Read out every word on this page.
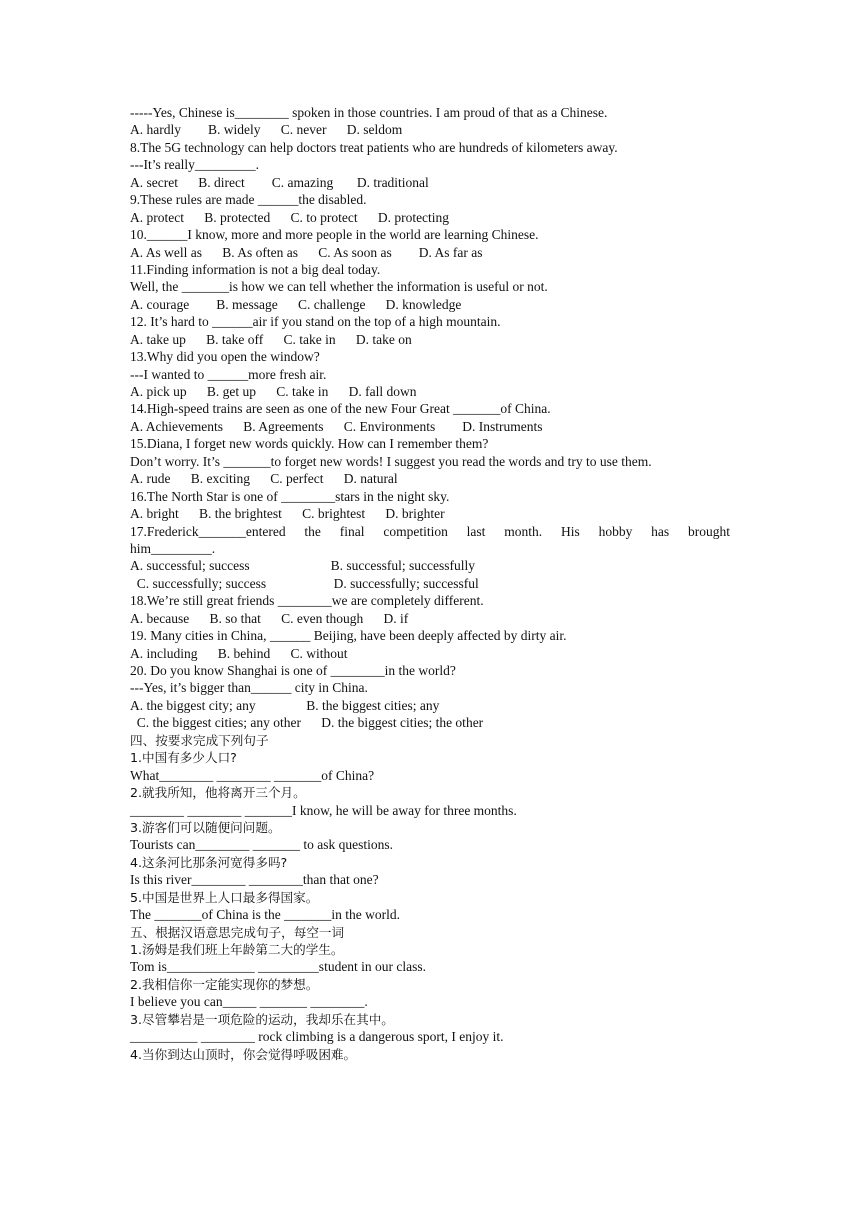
-----Yes, Chinese is________ spoken in those countries. I am proud of that as a Chinese.
A. hardly        B. widely      C. never      D. seldom
8.The 5G technology can help doctors treat patients who are hundreds of kilometers away.
---It’s really_________.
A. secret      B. direct        C. amazing       D. traditional
9.These rules are made ______the disabled.
A. protect      B. protected      C. to protect      D. protecting
10.______I know, more and more people in the world are learning Chinese.
A. As well as      B. As often as      C. As soon as        D. As far as
11.Finding information is not a big deal today.
Well, the _______is how we can tell whether the information is useful or not.
A. courage        B. message      C. challenge      D. knowledge
12. It’s hard to ______air if you stand on the top of a high mountain.
A. take up      B. take off      C. take in      D. take on
13.Why did you open the window?
---I wanted to ______more fresh air.
A. pick up      B. get up      C. take in      D. fall down
14.High-speed trains are seen as one of the new Four Great _______of China.
A. Achievements      B. Agreements      C. Environments        D. Instruments
15.Diana, I forget new words quickly. How can I remember them?
Don’t worry. It’s _______to forget new words! I suggest you read the words and try to use them.
A. rude      B. exciting      C. perfect      D. natural
16.The North Star is one of ________stars in the night sky.
A. bright      B. the brightest      C. brightest      D. brighter
17.Frederick_______entered the final competition last month. His hobby has brought
him_________.
A. successful; success                        B. successful; successfully
C. successfully; success                    D. successfully; successful
18.We’re still great friends ________we are completely different.
A. because      B. so that      C. even though      D. if
19. Many cities in China, ______ Beijing, have been deeply affected by dirty air.
A. including      B. behind      C. without
20. Do you know Shanghai is one of ________in the world?
---Yes, it’s bigger than______ city in China.
A. the biggest city; any               B. the biggest cities; any
C. the biggest cities; any other      D. the biggest cities; the other
四、按要求完成下列句子
1.中国有多少人口?
What________ ________ _______of China?
2.就我所知，他将离开三个月。
________ ________ _______I know, he will be away for three months.
3.游客们可以随便问问题。
Tourists can________ _______ to ask questions.
4.这条河比那条河宽得多吗?
Is this river________ ________than that one?
5.中国是世界上人口最多得国家。
The _______of China is the _______in the world.
五、根据汉语意思完成句子，每空一词
1.汤姆是我们班上年龄第二大的学生。
Tom is_____________ _________student in our class.
2.我相信你一定能实现你的梦想。
I believe you can_____ _______ ________.
3.尽管攀岩是一项危险的运动，我却乐在其中。
__________ ________ rock climbing is a dangerous sport, I enjoy it.
4.当你到达山顶时，你会觉得呼吸困难。
